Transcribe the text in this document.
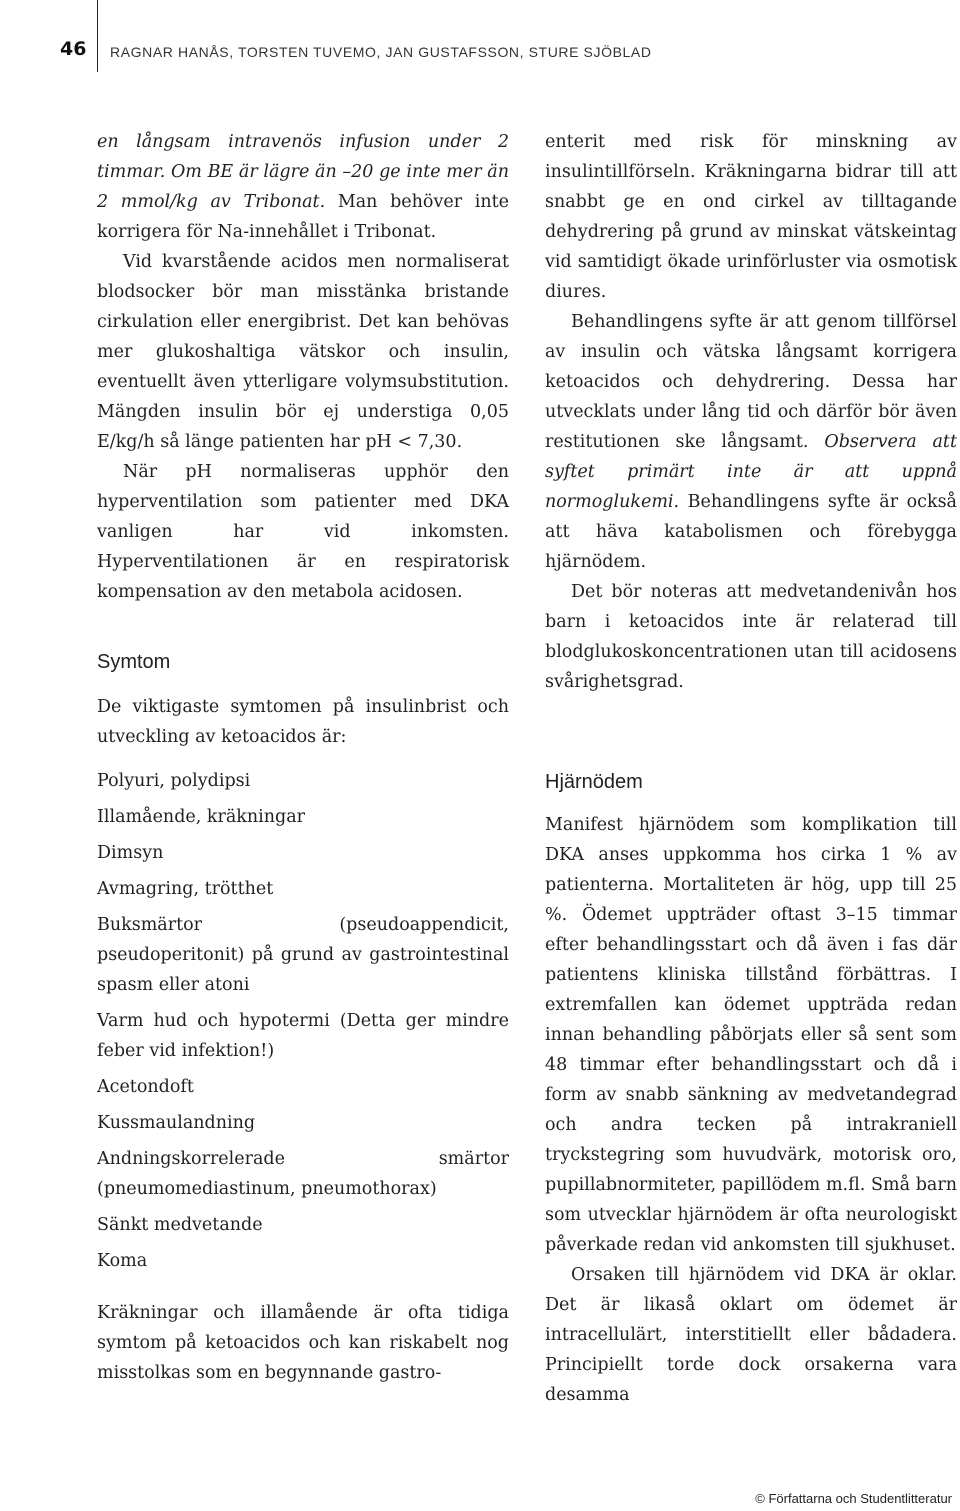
46 RAGNAR HANÅS, TORSTEN TUVEMO, JAN GUSTAFSSON, STURE SJÖBLAD

en långsam intravenös infusion under 2 timmar. Om BE är lägre än –20 ge inte mer än 2 mmol/kg av Tribonat. Man behöver inte korrigera för Na-innehållet i Tribonat.

Vid kvarstående acidos men normaliserat blodsocker bör man misstänka bristande cirkulation eller energibrist. Det kan behövas mer glukoshaltiga vätskor och insulin, eventuellt även ytterligare volymsubstitution. Mängden insulin bör ej understiga 0,05 E/kg/h så länge patienten har pH < 7,30.

När pH normaliseras upphör den hyperventilation som patienter med DKA vanligen har vid inkomsten. Hyperventilationen är en respiratorisk kompensation av den metabola acidosen.

Symtom

De viktigaste symtomen på insulinbrist och utveckling av ketoacidos är:

Polyuri, polydipsi

Illamående, kräkningar

Dimsyn

Avmagring, trötthet

Buksmärtor (pseudoappendicit, pseudoperitonit) på grund av gastrointestinal spasm eller atoni

Varm hud och hypotermi (Detta ger mindre feber vid infektion!)

Acetondoft

Kussmaulandning

Andningskorrelerade smärtor (pneumomediastinum, pneumothorax)

Sänkt medvetande

Koma

Kräkningar och illamående är ofta tidiga symtom på ketoacidos och kan riskabelt nog misstolkas som en begynnande gastro-

enterit med risk för minskning av insulintillförseln. Kräkningarna bidrar till att snabbt ge en ond cirkel av tilltagande dehydrering på grund av minskat vätskeintag vid samtidigt ökade urinförluster via osmotisk diures.

Behandlingens syfte är att genom tillförsel av insulin och vätska långsamt korrigera ketoacidos och dehydrering. Dessa har utvecklats under lång tid och därför bör även restitutionen ske långsamt. Observera att syftet primärt inte är att uppnå normoglukemi. Behandlingens syfte är också att häva katabolismen och förebygga hjärnödem.

Det bör noteras att medvetandenivån hos barn i ketoacidos inte är relaterad till blodglukoskoncentrationen utan till acidosens svårighetsgrad.

Hjärnödem

Manifest hjärnödem som komplikation till DKA anses uppkomma hos cirka 1 % av patienterna. Mortaliteten är hög, upp till 25 %. Ödemet uppträder oftast 3–15 timmar efter behandlingsstart och då även i fas där patientens kliniska tillstånd förbättras. I extremfallen kan ödemet uppträda redan innan behandling påbörjats eller så sent som 48 timmar efter behandlingsstart och då i form av snabb sänkning av medvetandegrad och andra tecken på intrakraniell tryckstegring som huvudvärk, motorisk oro, pupillabnormiteter, papillödem m.fl. Små barn som utvecklar hjärnödem är ofta neurologiskt påverkade redan vid ankomsten till sjukhuset.

Orsaken till hjärnödem vid DKA är oklar. Det är likaså oklart om ödemet är intracellulärt, interstitiellt eller bådadera. Principiellt torde dock orsakerna vara desamma

© Författarna och Studentlitteratur
